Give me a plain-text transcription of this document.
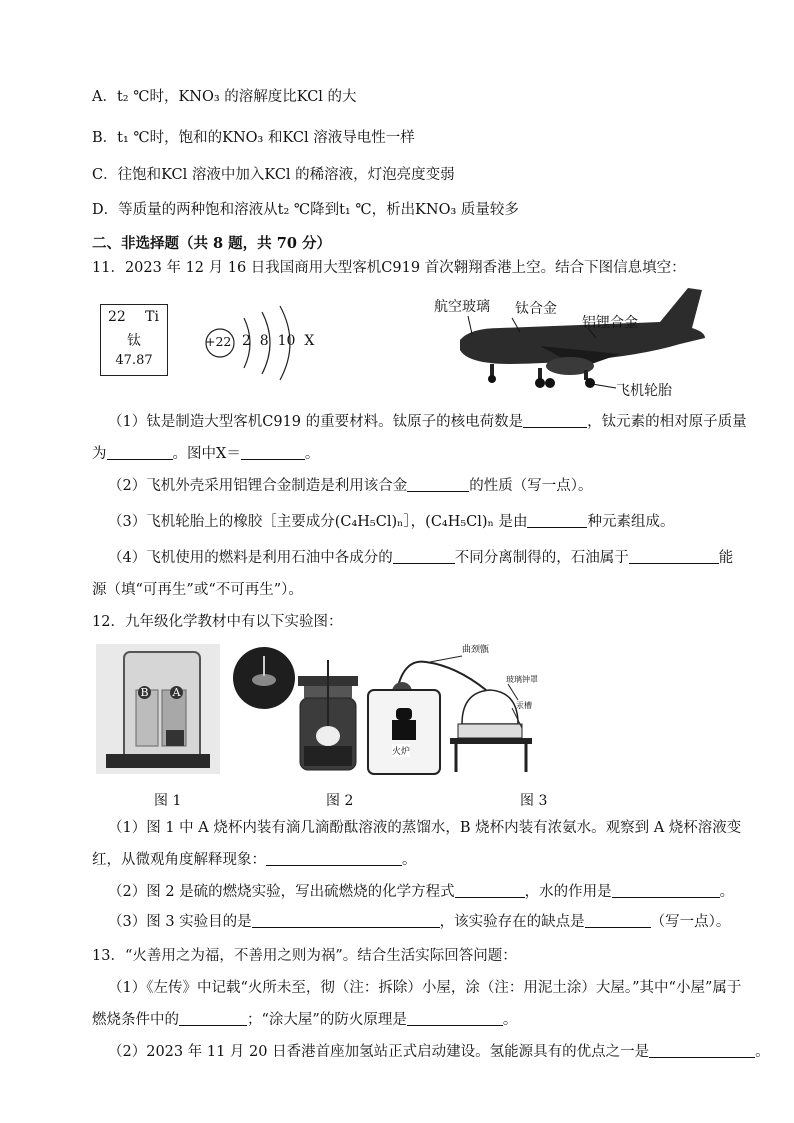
A．t₂ ℃时，KNO₃ 的溶解度比KCl 的大
B．t₁ ℃时，饱和的KNO₃ 和KCl 溶液导电性一样
C．往饱和KCl 溶液中加入KCl 的稀溶液，灯泡亮度变弱
D．等质量的两种饱和溶液从t₂ ℃降到t₁ ℃，析出KNO₃ 质量较多
二、非选择题（共 8 题，共 70 分）
11．2023 年 12 月 16 日我国商用大型客机C919 首次翱翔香港上空。结合下图信息填空：
22 Ti
钛
47.87
+22 2  8  10  X
航空玻璃 钛合金
铝锂合金
飞机轮胎
（1）钛是制造大型客机C919 的重要材料。钛原子的核电荷数是	，钛元素的相对原子质量
为	。图中X＝	。
（2）飞机外壳采用铝锂合金制造是利用该合金	的性质（写一点）。
（3）飞机轮胎上的橡胶［主要成分(C₄H₅Cl)ₙ］，(C₄H₅Cl)ₙ 是由	种元素组成。
（4）飞机使用的燃料是利用石油中各成分的	不同分离制得的，石油属于	能
源（填“可再生”或“不可再生”）。
12．九年级化学教材中有以下实验图：
B A
曲颈甑
玻璃钟罩
汞槽
火炉
图 1	图 2	图 3
（1）图 1 中 A 烧杯内装有滴几滴酚酞溶液的蒸馏水，B 烧杯内装有浓氨水。观察到 A 烧杯溶液变
红，从微观角度解释现象：	。
（2）图 2 是硫的燃烧实验，写出硫燃烧的化学方程式	，水的作用是	。
（3）图 3 实验目的是	，该实验存在的缺点是	（写一点）。
13．“火善用之为福，不善用之则为祸”。结合生活实际回答问题：
（1）《左传》中记载“火所未至，彻（注：拆除）小屋，涂（注：用泥土涂）大屋。”其中“小屋”属于
燃烧条件中的	；“涂大屋”的防火原理是	。
（2）2023 年 11 月 20 日香港首座加氢站正式启动建设。氢能源具有的优点之一是	。
